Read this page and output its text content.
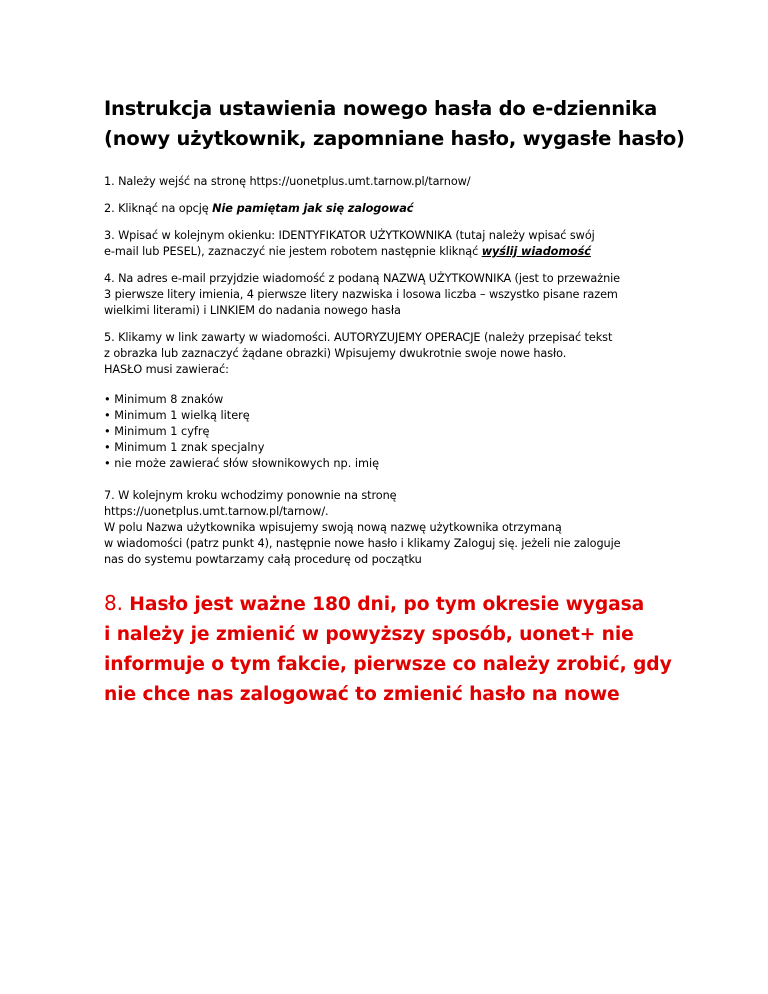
Instrukcja ustawienia nowego hasła do e-dziennika
(nowy użytkownik, zapomniane hasło, wygasłe hasło)

1. Należy wejść na stronę https://uonetplus.umt.tarnow.pl/tarnow/

2. Kliknąć na opcję Nie pamiętam jak się zalogować

3. Wpisać w kolejnym okienku: IDENTYFIKATOR UŻYTKOWNIKA (tutaj należy wpisać swój
e-mail lub PESEL), zaznaczyć nie jestem robotem następnie kliknąć wyślij wiadomość

4. Na adres e-mail przyjdzie wiadomość z podaną NAZWĄ UŻYTKOWNIKA (jest to przeważnie
3 pierwsze litery imienia, 4 pierwsze litery nazwiska i losowa liczba – wszystko pisane razem
wielkimi literami) i LINKIEM do nadania nowego hasła

5. Klikamy w link zawarty w wiadomości. AUTORYZUJEMY OPERACJE (należy przepisać tekst
z obrazka lub zaznaczyć żądane obrazki) Wpisujemy dwukrotnie swoje nowe hasło.
HASŁO musi zawierać:

• Minimum 8 znaków
• Minimum 1 wielką literę
• Minimum 1 cyfrę
• Minimum 1 znak specjalny
• nie może zawierać słów słownikowych np. imię

7. W kolejnym kroku wchodzimy ponownie na stronę
https://uonetplus.umt.tarnow.pl/tarnow/.
W polu Nazwa użytkownika wpisujemy swoją nową nazwę użytkownika otrzymaną
w wiadomości (patrz punkt 4), następnie nowe hasło i klikamy Zaloguj się. jeżeli nie zaloguje
nas do systemu powtarzamy całą procedurę od początku

8. Hasło jest ważne 180 dni, po tym okresie wygasa
i należy je zmienić w powyższy sposób, uonet+ nie
informuje o tym fakcie, pierwsze co należy zrobić, gdy
nie chce nas zalogować to zmienić hasło na nowe
